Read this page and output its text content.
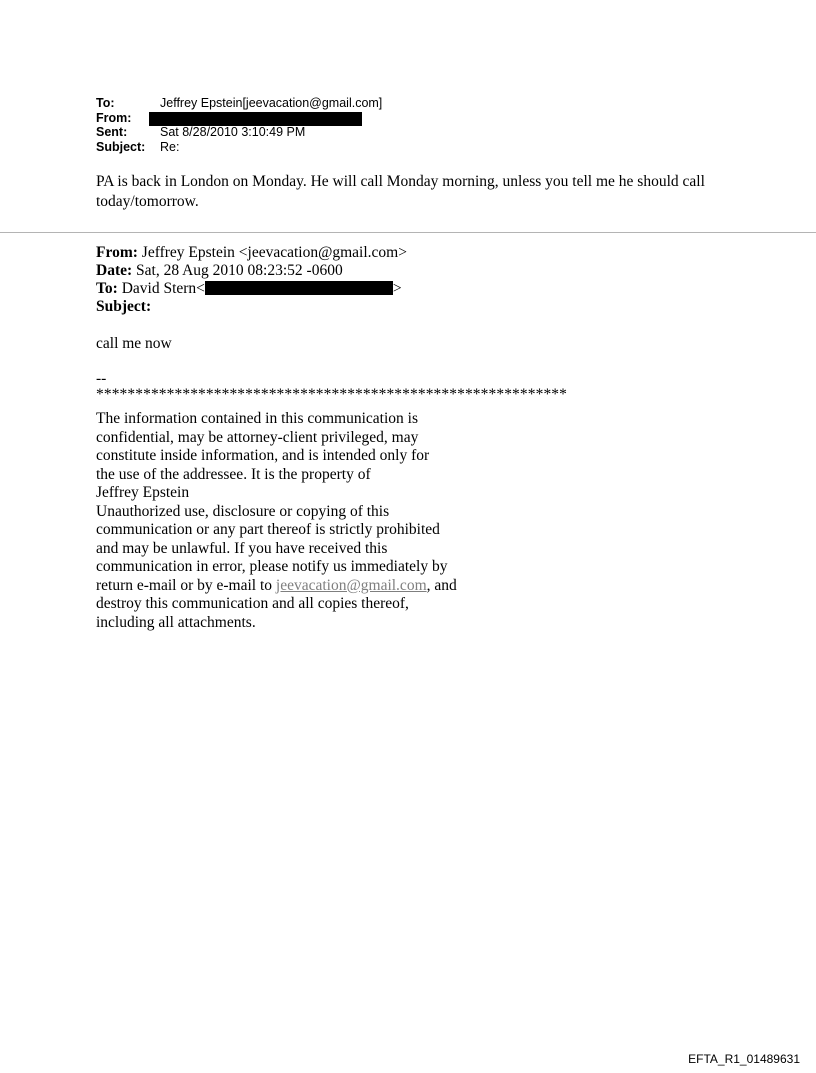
To:	Jeffrey Epstein[jeevacation@gmail.com]
From:
Sent:	Sat 8/28/2010 3:10:49 PM
Subject: Re:

PA is back in London on Monday. He will call Monday morning, unless you tell me he should call today/tomorrow.

From: Jeffrey Epstein <jeevacation@gmail.com>
Date: Sat, 28 Aug 2010 08:23:52 -0600
To: David Stern<	>
Subject:

call me now

--

************************************************************

The information contained in this communication is
confidential, may be attorney-client privileged, may
constitute inside information, and is intended only for
the use of the addressee. It is the property of
Jeffrey Epstein
Unauthorized use, disclosure or copying of this
communication or any part thereof is strictly prohibited
and may be unlawful. If you have received this
communication in error, please notify us immediately by
return e-mail or by e-mail to jeevacation@gmail.com, and
destroy this communication and all copies thereof,
including all attachments.
EFTA_R1_01489631
